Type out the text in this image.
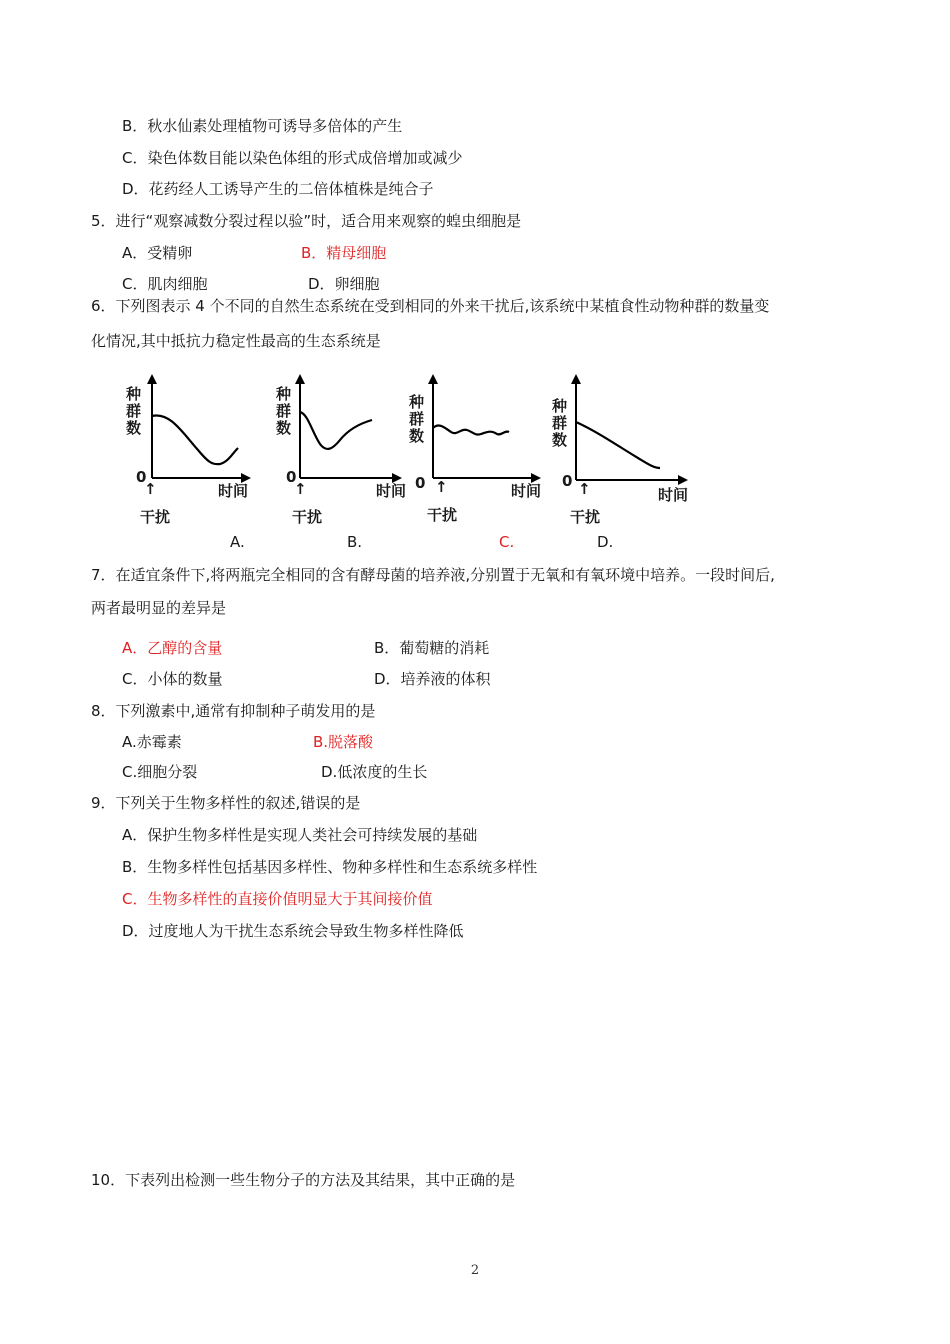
B．秋水仙素处理植物可诱导多倍体的产生
C．染色体数目能以染色体组的形式成倍增加或减少
D．花药经人工诱导产生的二倍体植株是纯合子
5．进行“观察减数分裂过程以验”时，适合用来观察的蝗虫细胞是
A．受精卵	B．精母细胞
C．肌肉细胞	D．卵细胞
6．下列图表示 4 个不同的自然生态系统在受到相同的外来干扰后,该系统中某植食性动物种群的数量变
化情况,其中抵抗力稳定性最高的生态系统是
种群数
0
时间
↑
干扰
种群数
0
时间
↑
干扰
种群数
0	时间
↑
干扰
种群数
0
时间
↑
干扰
A.	B.	C.	D.
7．在适宜条件下,将两瓶完全相同的含有酵母菌的培养液,分别置于无氧和有氧环境中培养。一段时间后,
两者最明显的差异是
A．乙醇的含量	B．葡萄糖的消耗
C．小体的数量	D．培养液的体积
8．下列激素中,通常有抑制种子萌发用的是
A.赤霉素	B.脱落酸
C.细胞分裂	D.低浓度的生长
9．下列关于生物多样性的叙述,错误的是
A．保护生物多样性是实现人类社会可持续发展的基础
B．生物多样性包括基因多样性、物种多样性和生态系统多样性
C．生物多样性的直接价值明显大于其间接价值
D．过度地人为干扰生态系统会导致生物多样性降低
10．下表列出检测一些生物分子的方法及其结果，其中正确的是
2
